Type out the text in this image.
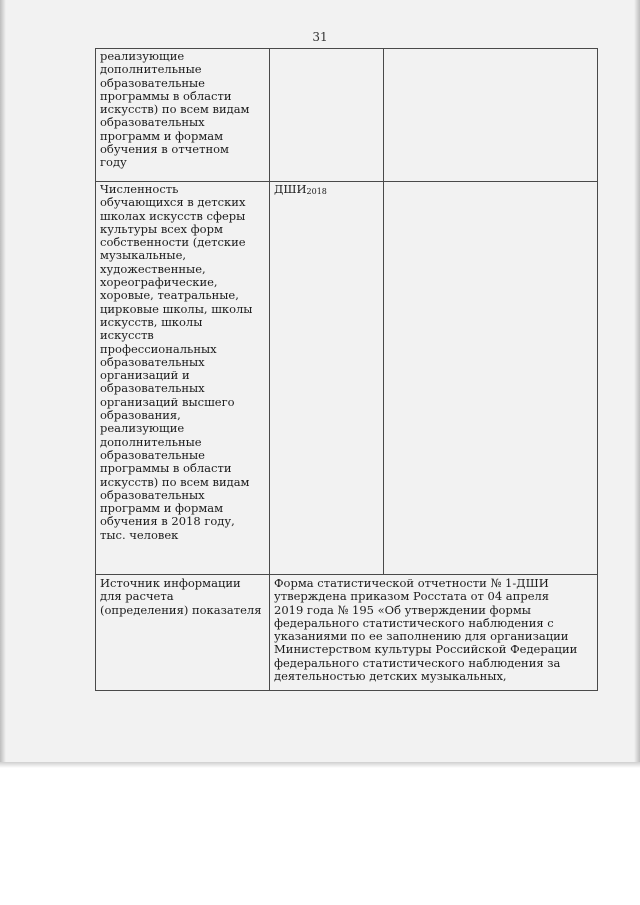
31
реализующие
дополнительные
образовательные
программы в области
искусств) по всем видам
образовательных
программ и формам
обучения в отчетном
году
Численность
обучающихся в детских
школах искусств сферы
культуры всех форм
собственности (детские
музыкальные,
художественные,
хореографические,
хоровые, театральные,
цирковые школы, школы
искусств, школы
искусств
профессиональных
образовательных
организаций и
образовательных
организаций высшего
образования,
реализующие
дополнительные
образовательные
программы в области
искусств) по всем видам
образовательных
программ и формам
обучения в 2018 году,
тыс. человек
ДШИ2018
Источник информации
для расчета
(определения) показателя
Форма статистической отчетности № 1-ДШИ
утверждена приказом Росстата от 04 апреля
2019 года № 195 «Об утверждении формы
федерального статистического наблюдения с
указаниями по ее заполнению для организации
Министерством культуры Российской Федерации
федерального статистического наблюдения за
деятельностью детских музыкальных,
